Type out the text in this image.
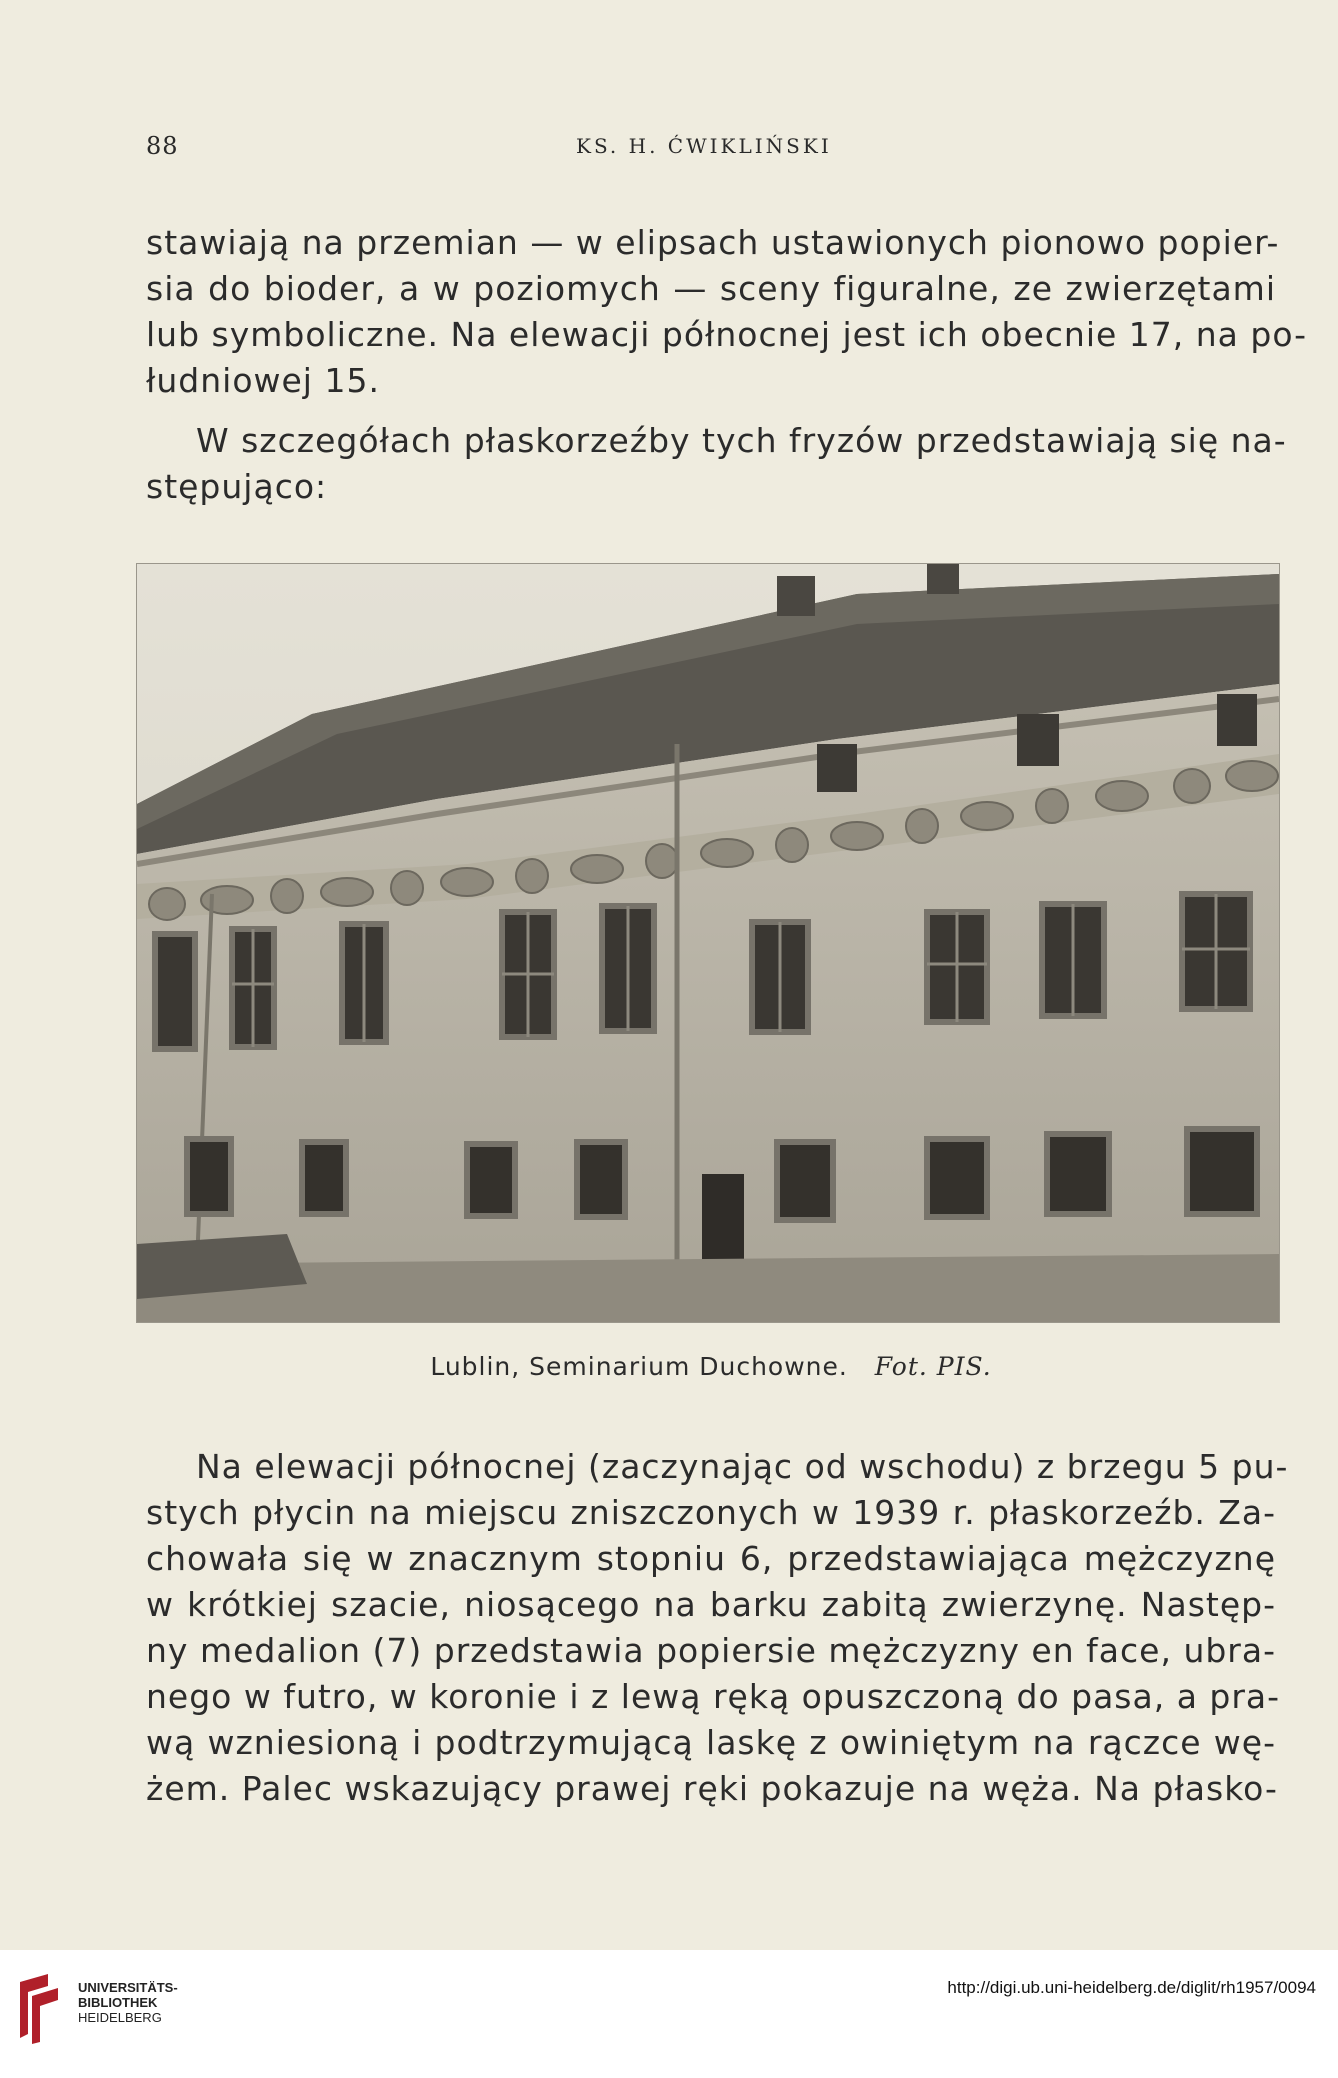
88	KS. H. ĆWIKLIŃSKI
stawiają na przemian — w elipsach ustawionych pionowo popier-
sia do bioder, a w poziomych — sceny figuralne, ze zwierzętami
lub symboliczne. Na elewacji północnej jest ich obecnie 17, na po-
łudniowej 15.
W szczegółach płaskorzeźby tych fryzów przedstawiają się na-
stępująco:
Lublin, Seminarium Duchowne. Fot. PIS.
Na elewacji północnej (zaczynając od wschodu) z brzegu 5 pu-
stych płycin na miejscu zniszczonych w 1939 r. płaskorzeźb. Za-
chowała się w znacznym stopniu 6, przedstawiająca mężczyznę
w krótkiej szacie, niosącego na barku zabitą zwierzynę. Następ-
ny medalion (7) przedstawia popiersie mężczyzny en face, ubra-
nego w futro, w koronie i z lewą ręką opuszczoną do pasa, a pra-
wą wzniesioną i podtrzymującą laskę z owiniętym na rączce wę-
żem. Palec wskazujący prawej ręki pokazuje na węża. Na płasko-
UNIVERSITÄTS-
BIBLIOTHEK
HEIDELBERG
http://digi.ub.uni-heidelberg.de/diglit/rh1957/0094
